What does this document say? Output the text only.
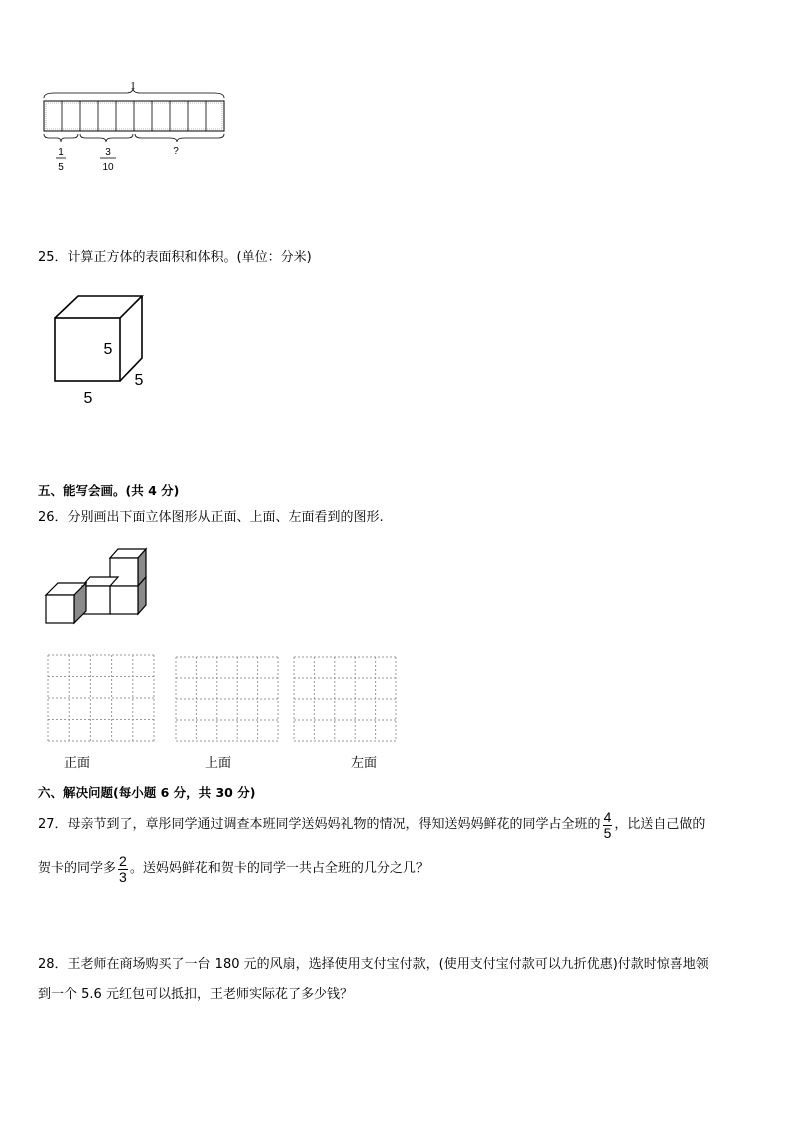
1
1
5
3
10
?
25．计算正方体的表面积和体积。(单位：分米)
5
5
5
五、能写会画。(共 4 分)
26．分别画出下面立体图形从正面、上面、左面看到的图形.
正面	上面	左面
六、解决问题(每小题 6 分，共 30 分)
27． 母亲节到了，章彤同学通过调查本班同学送妈妈礼物的情况，得知送妈妈鲜花的同学占全班的 $\frac{4}{5}$ ，比送自己做的
贺卡的同学多 $\frac{2}{3}$ 。送妈妈鲜花和贺卡的同学一共占全班的几分之几？
28．王老师在商场购买了一台 180 元的风扇，选择使用支付宝付款，(使用支付宝付款可以九折优惠)付款时惊喜地领
到一个 5.6 元红包可以抵扣，王老师实际花了多少钱？
